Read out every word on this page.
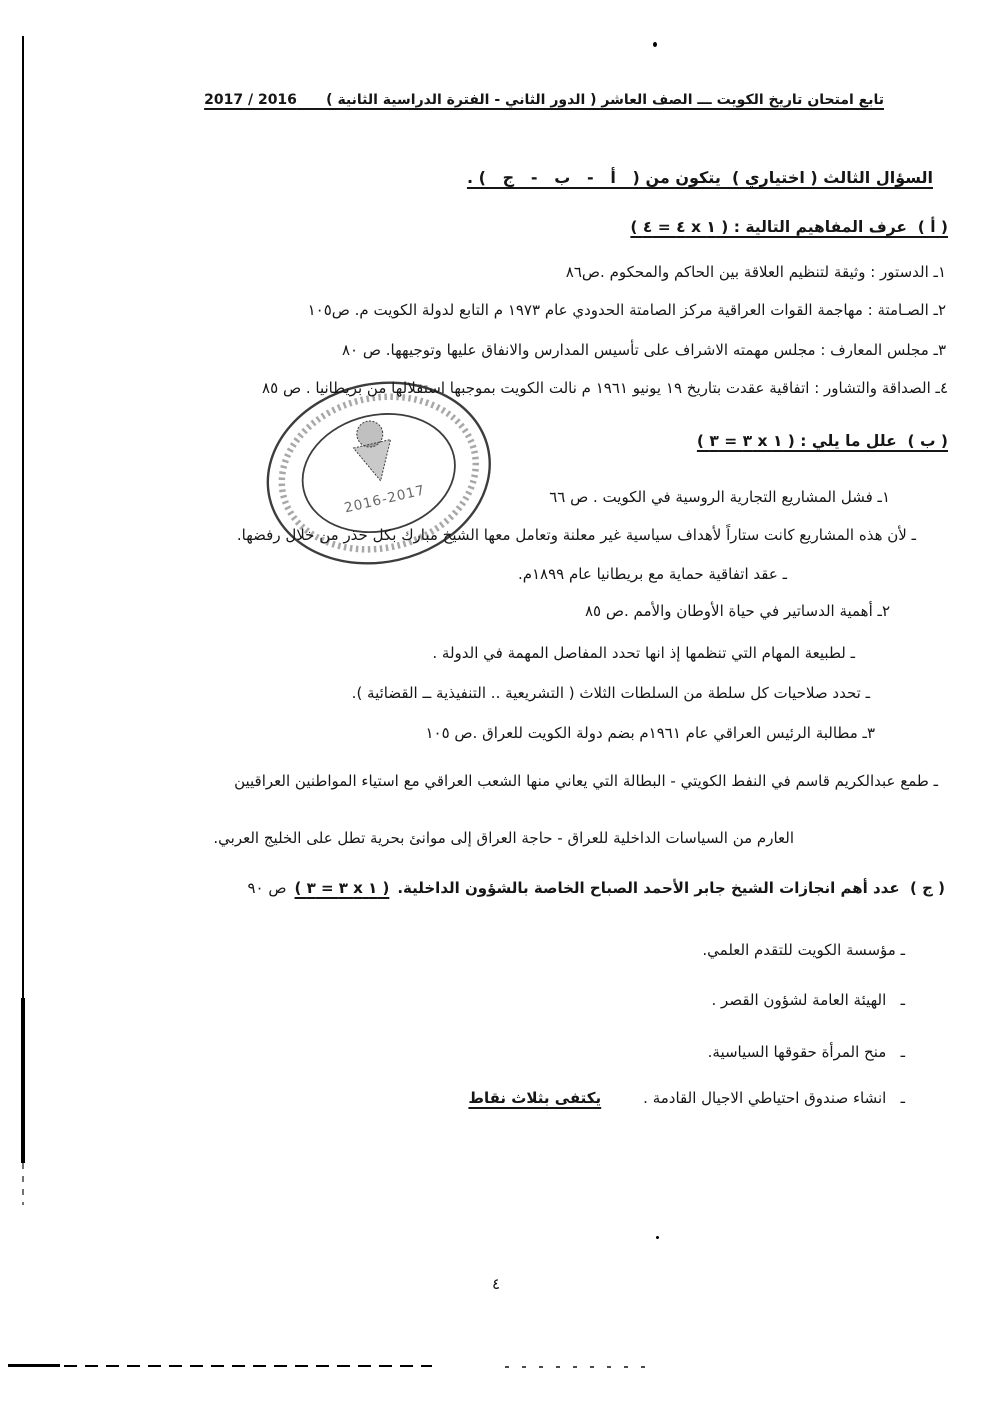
تابع امتحان تاريخ الكويت ـــ الصف العاشر ( الدور الثاني - الفترة الدراسية الثانية )      2016 / 2017
السؤال الثالث ( اختياري )  يتكون من (   أ   -   ب   -   ج   ) .
( أ )  عرف المفاهيم التالية : ( ١ x ٤ = ٤ )
١ـ الدستور : وثيقة لتنظيم العلاقة بين الحاكم والمحكوم .ص٨٦
٢ـ الصـامتة : مهاجمة القوات العراقية مركز الصامتة الحدودي عام ١٩٧٣ م التابع لدولة الكويت م. ص١٠٥
٣ـ مجلس المعارف : مجلس مهمته الاشراف على تأسيس المدارس والانفاق عليها وتوجيهها. ص ٨٠
٤ـ الصداقة والتشاور : اتفاقية عقدت بتاريخ ١٩ يونيو ١٩٦١ م نالت الكويت بموجبها استقلالها من بريطانيا . ص ٨٥
2016-2017
( ب )  علل ما يلي : ( ١ x ٣ = ٣ )
١ـ فشل المشاريع التجارية الروسية في الكويت . ص ٦٦
ـ لأن هذه المشاريع كانت ستاراً لأهداف سياسية غير معلنة وتعامل معها الشيخ مبارك بكل حذر من خلال رفضها.
ـ عقد اتفاقية حماية مع بريطانيا عام ١٨٩٩م.
٢ـ أهمية الدساتير في حياة الأوطان والأمم .ص ٨٥
ـ لطبيعة المهام التي تنظمها إذ انها تحدد المفاصل المهمة في الدولة .
ـ تحدد صلاحيات كل سلطة من السلطات الثلاث ( التشريعية .. التنفيذية ــ القضائية ).
٣ـ مطالبة الرئيس العراقي عام ١٩٦١م بضم دولة الكويت للعراق .ص ١٠٥
ـ طمع عبدالكريم قاسم في النفط الكويتي - البطالة التي يعاني منها الشعب العراقي مع استياء المواطنين العراقيين
العارم من السياسات الداخلية للعراق - حاجة العراق إلى موانئ بحرية تطل على الخليج العربي.
( ج )  عدد أهم انجازات الشيخ جابر الأحمد الصباح الخاصة بالشؤون الداخلية.( ١ x ٣ = ٣ )ص ٩٠
ـ مؤسسة الكويت للتقدم العلمي.
ـ   الهيئة العامة لشؤون القصر .
ـ   منح المرأة حقوقها السياسية.
ـ   انشاء صندوق احتياطي الاجيال القادمة .يكتفى بثلاث نقاط
٤
